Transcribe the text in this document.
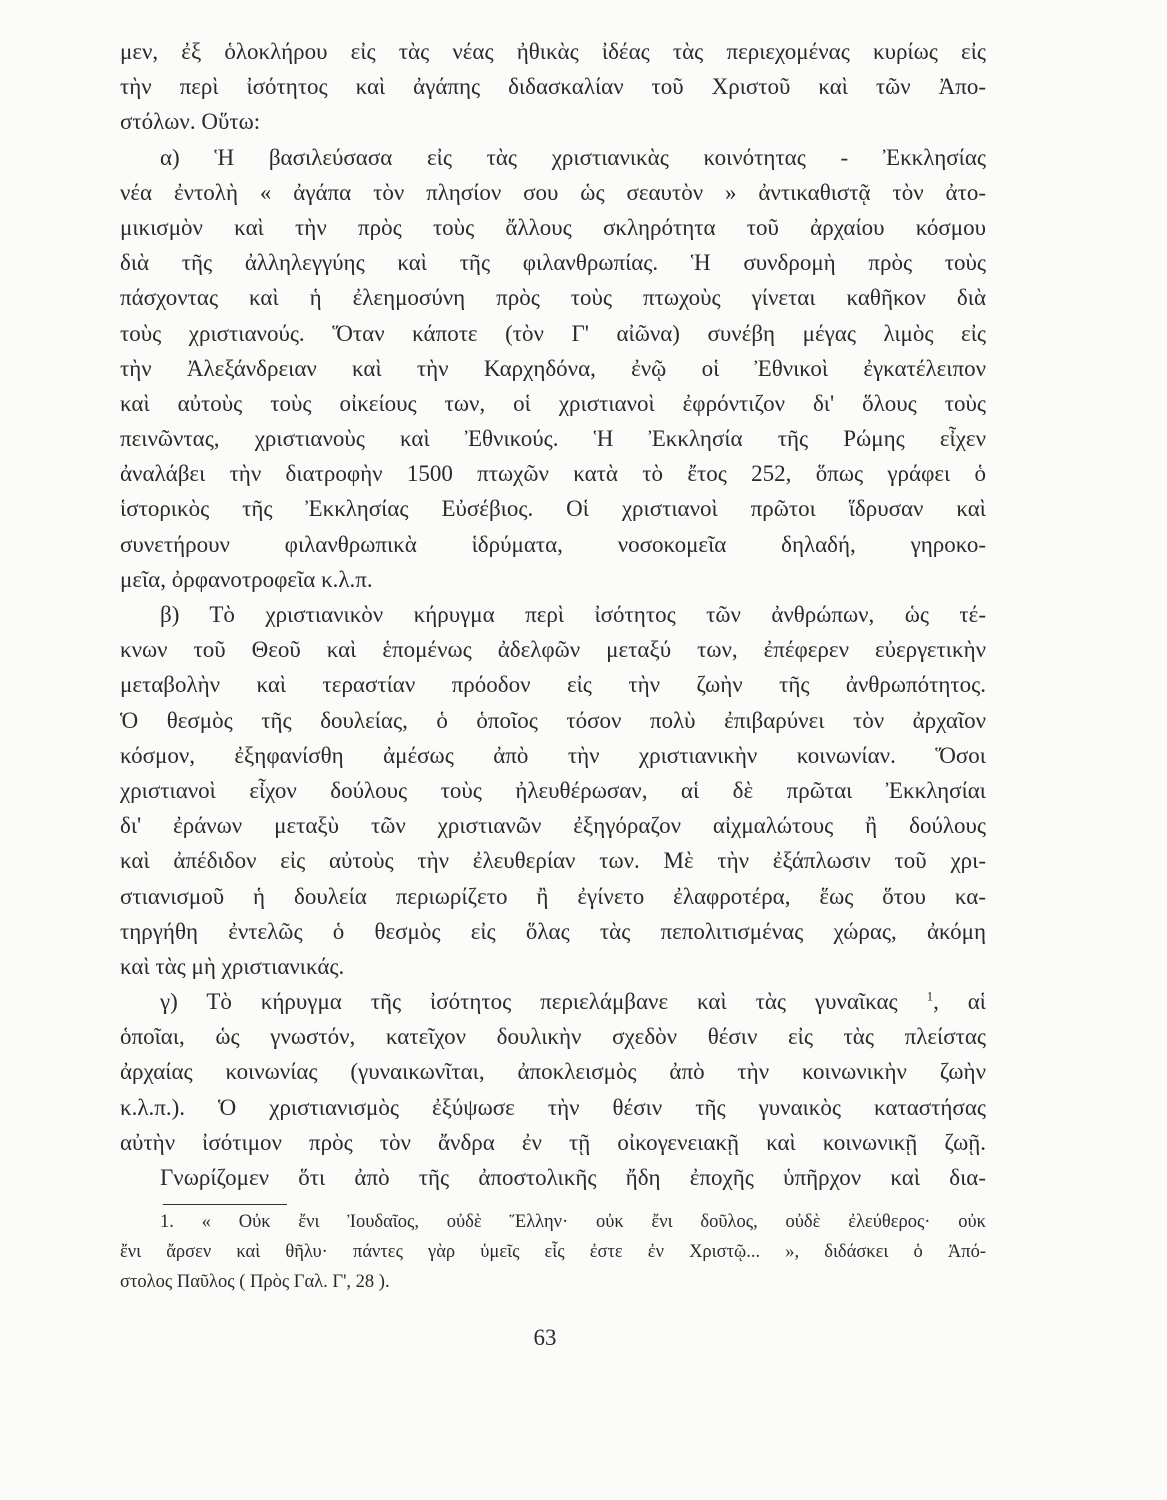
μεν, ἐξ ὁλοκλήρου εἰς τὰς νέας ἠθικὰς ἰδέας τὰς περιεχομένας κυρίως εἰς
τὴν περὶ ἰσότητος καὶ ἀγάπης διδασκαλίαν τοῦ Χριστοῦ καὶ τῶν Ἀπο-
στόλων. Οὕτω:
α) Ἡ βασιλεύσασα εἰς τὰς χριστιανικὰς κοινότητας - Ἐκκλησίας
νέα ἐντολὴ « ἀγάπα τὸν πλησίον σου ὡς σεαυτὸν » ἀντικαθιστᾷ τὸν ἀτο-
μικισμὸν καὶ τὴν πρὸς τοὺς ἄλλους σκληρότητα τοῦ ἀρχαίου κόσμου
διὰ τῆς ἀλληλεγγύης καὶ τῆς φιλανθρωπίας. Ἡ συνδρομὴ πρὸς τοὺς
πάσχοντας καὶ ἡ ἐλεημοσύνη πρὸς τοὺς πτωχοὺς γίνεται καθῆκον διὰ
τοὺς χριστιανούς. Ὅταν κάποτε (τὸν Γ' αἰῶνα) συνέβη μέγας λιμὸς εἰς
τὴν Ἀλεξάνδρειαν καὶ τὴν Καρχηδόνα, ἐνῷ οἱ Ἐθνικοὶ ἐγκατέλειπον
καὶ αὐτοὺς τοὺς οἰκείους των, οἱ χριστιανοὶ ἐφρόντιζον δι' ὅλους τοὺς
πεινῶντας, χριστιανοὺς καὶ Ἐθνικούς. Ἡ Ἐκκλησία τῆς Ρώμης εἶχεν
ἀναλάβει τὴν διατροφὴν 1500 πτωχῶν κατὰ τὸ ἔτος 252, ὅπως γράφει ὁ
ἱστορικὸς τῆς Ἐκκλησίας Εὐσέβιος. Οἱ χριστιανοὶ πρῶτοι ἵδρυσαν καὶ
συνετήρουν φιλανθρωπικὰ ἱδρύματα, νοσοκομεῖα δηλαδή, γηροκο-
μεῖα, ὀρφανοτροφεῖα κ.λ.π.
β) Τὸ χριστιανικὸν κήρυγμα περὶ ἰσότητος τῶν ἀνθρώπων, ὡς τέ-
κνων τοῦ Θεοῦ καὶ ἑπομένως ἀδελφῶν μεταξύ των, ἐπέφερεν εὐεργετικὴν
μεταβολὴν καὶ τεραστίαν πρόοδον εἰς τὴν ζωὴν τῆς ἀνθρωπότητος.
Ὁ θεσμὸς τῆς δουλείας, ὁ ὁποῖος τόσον πολὺ ἐπιβαρύνει τὸν ἀρχαῖον
κόσμον, ἐξηφανίσθη ἀμέσως ἀπὸ τὴν χριστιανικὴν κοινωνίαν. Ὅσοι
χριστιανοὶ εἶχον δούλους τοὺς ἠλευθέρωσαν, αἱ δὲ πρῶται Ἐκκλησίαι
δι' ἐράνων μεταξὺ τῶν χριστιανῶν ἐξηγόραζον αἰχμαλώτους ἢ δούλους
καὶ ἀπέδιδον εἰς αὐτοὺς τὴν ἐλευθερίαν των. Μὲ τὴν ἐξάπλωσιν τοῦ χρι-
στιανισμοῦ ἡ δουλεία περιωρίζετο ἢ ἐγίνετο ἐλαφροτέρα, ἕως ὅτου κα-
τηργήθη ἐντελῶς ὁ θεσμὸς εἰς ὅλας τὰς πεπολιτισμένας χώρας, ἀκόμη
καὶ τὰς μὴ χριστιανικάς.
γ) Τὸ κήρυγμα τῆς ἰσότητος περιελάμβανε καὶ τὰς γυναῖκας $^1$, αἱ
ὁποῖαι, ὡς γνωστόν, κατεῖχον δουλικὴν σχεδὸν θέσιν εἰς τὰς πλείστας
ἀρχαίας κοινωνίας (γυναικωνῖται, ἀποκλεισμὸς ἀπὸ τὴν κοινωνικὴν ζωὴν
κ.λ.π.). Ὁ χριστιανισμὸς ἐξύψωσε τὴν θέσιν τῆς γυναικὸς καταστήσας
αὐτὴν ἰσότιμον πρὸς τὸν ἄνδρα ἐν τῇ οἰκογενειακῇ καὶ κοινωνικῇ ζωῇ.
Γνωρίζομεν ὅτι ἀπὸ τῆς ἀποστολικῆς ἤδη ἐποχῆς ὑπῆρχον καὶ δια-
1. « Οὐκ ἔνι Ἰουδαῖος, οὐδὲ Ἕλλην· οὐκ ἔνι δοῦλος, οὐδὲ ἐλεύθερος· οὐκ
ἔνι ἄρσεν καὶ θῆλυ· πάντες γὰρ ὑμεῖς εἷς ἐστε ἐν Χριστῷ... », διδάσκει ὁ Ἀπό-
στολος Παῦλος ( Πρὸς Γαλ. Γ', 28 ).
63
